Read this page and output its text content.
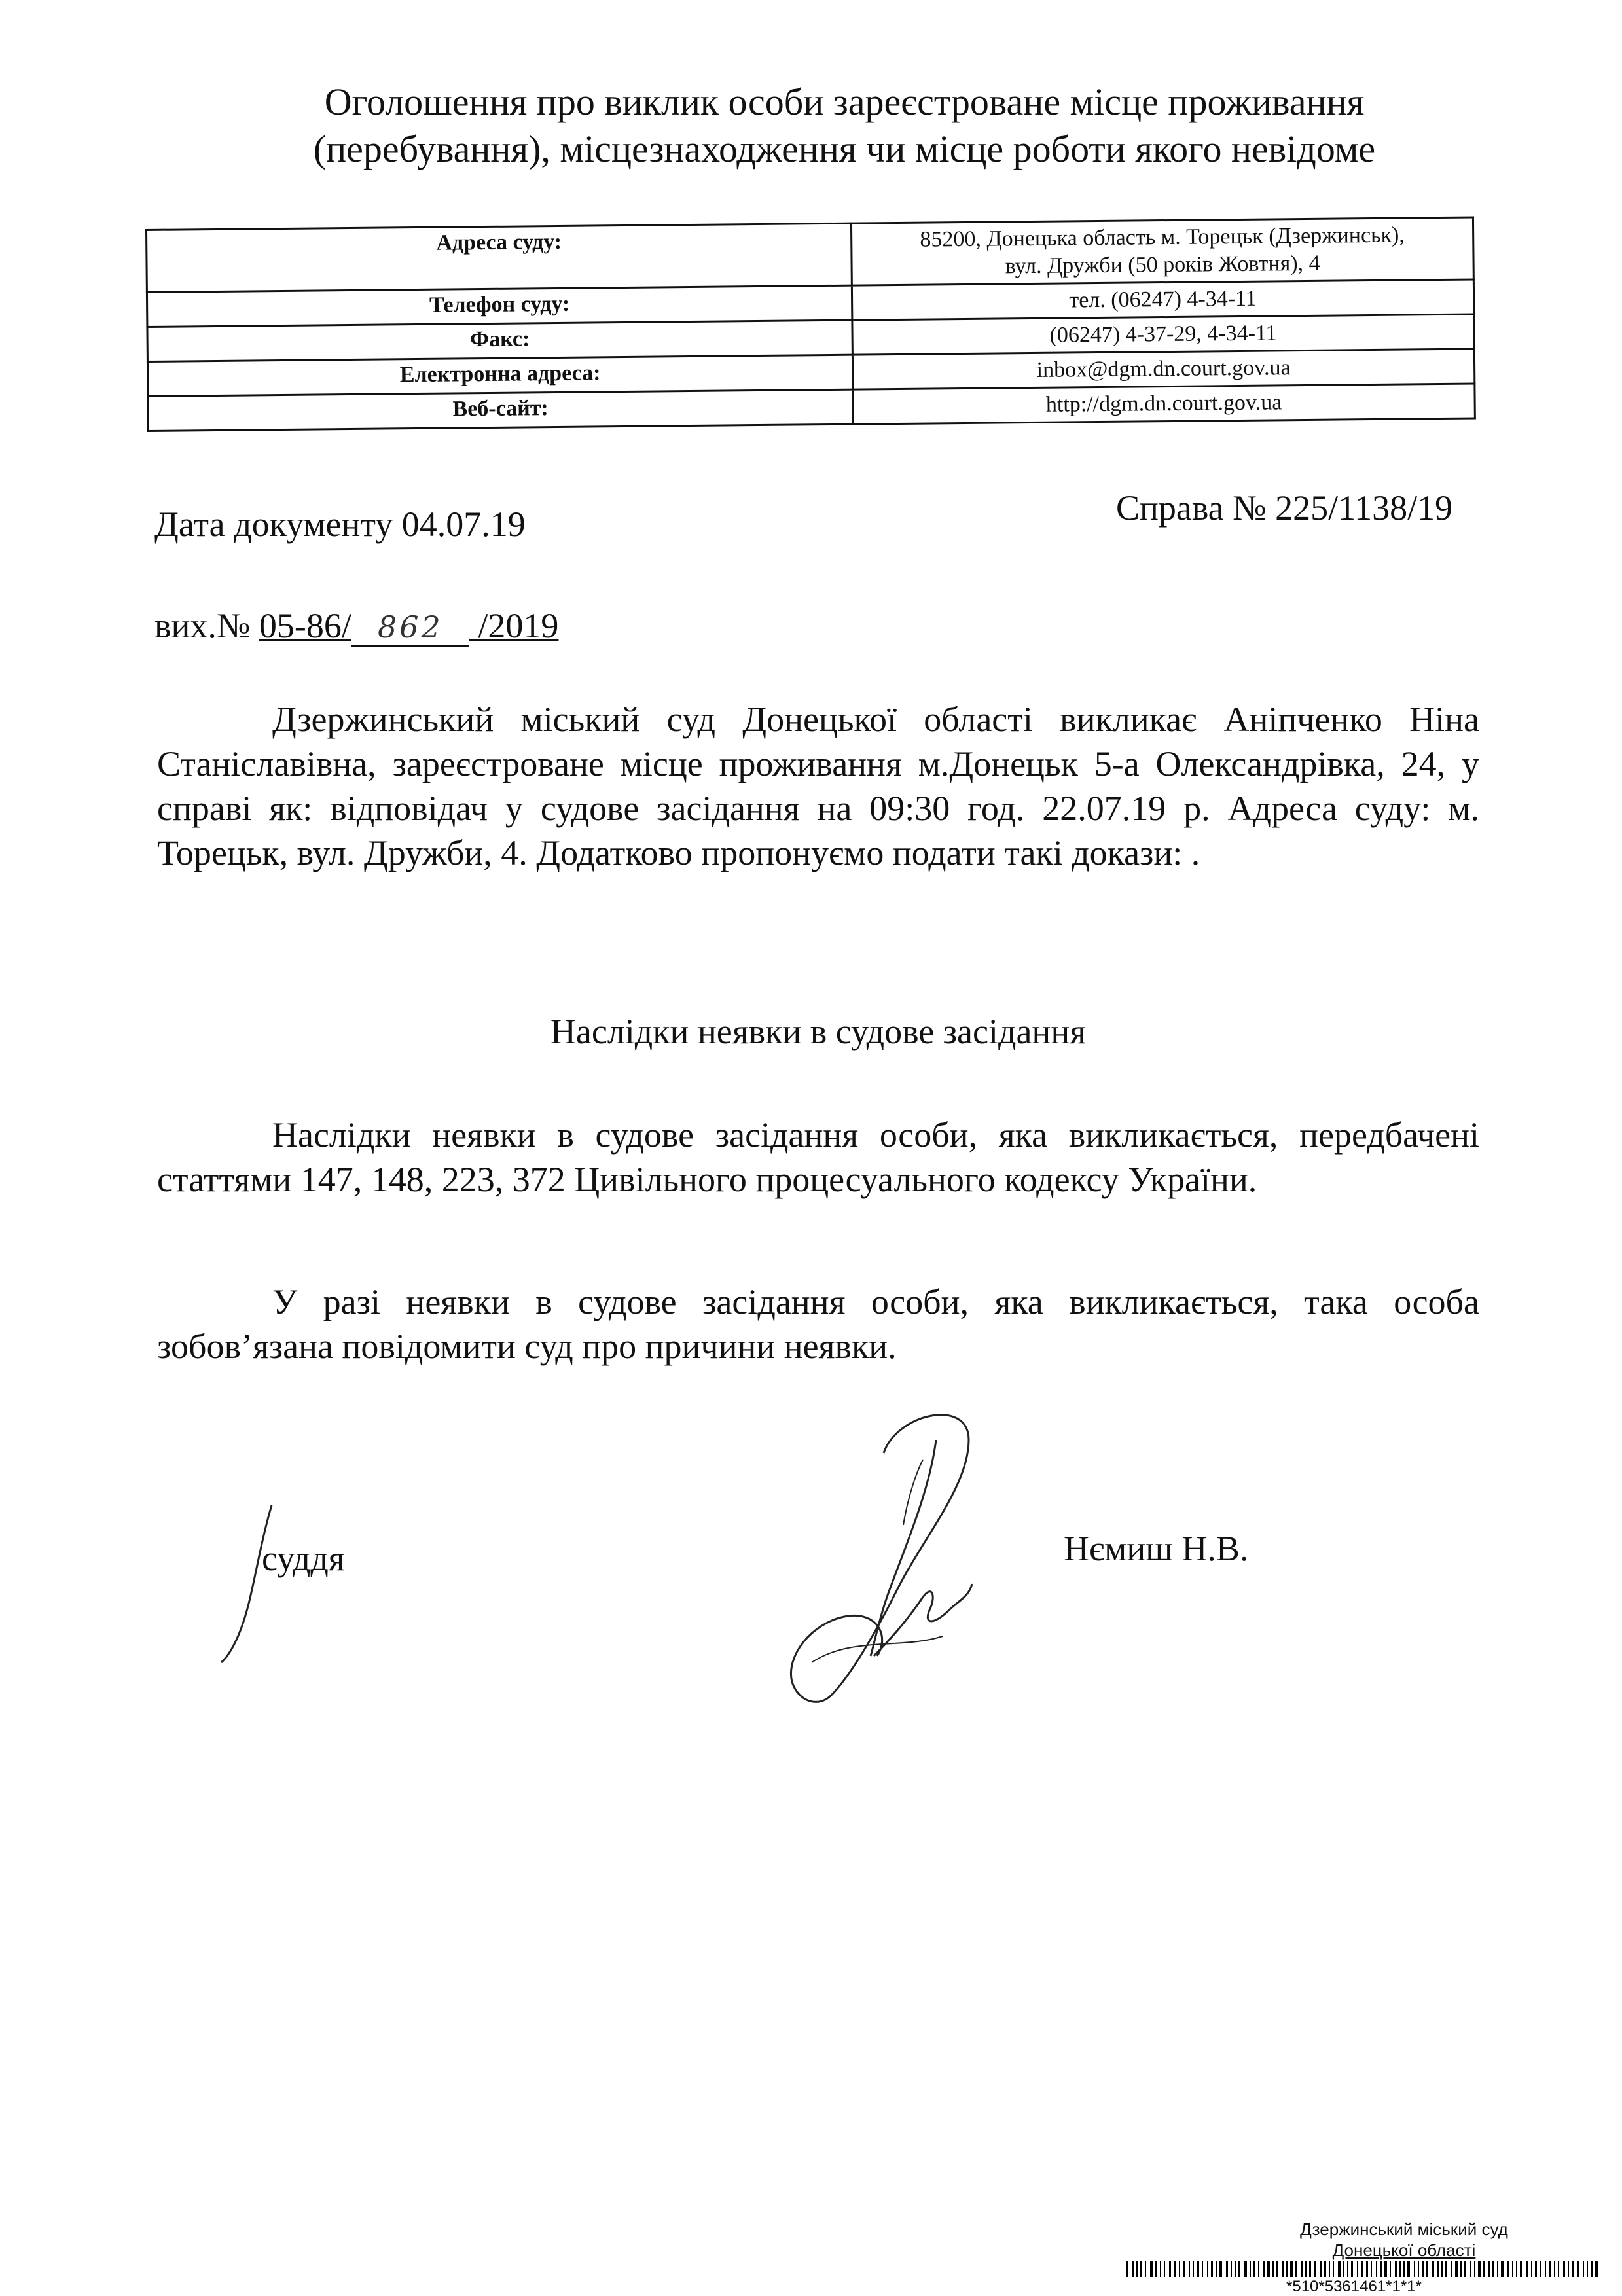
Оголошення про виклик особи зареєстроване місце проживання
(перебування), місцезнаходження чи місце роботи якого невідоме
Адреса суду:	85200, Донецька область м. Торецьк (Дзержинськ),
вул. Дружби (50 років Жовтня), 4

Телефон суду:	тел. (06247) 4-34-11
Факс:	(06247) 4-37-29, 4-34-11
Електронна адреса:	inbox@dgm.dn.court.gov.ua
Веб-сайт:	http://dgm.dn.court.gov.ua
Дата документу 04.07.19	Справа № 225/1138/19
вих.№ 05-86/ 862 /2019
Дзержинський міський суд Донецької області викликає Аніпченко Ніна Станіславівна, зареєстроване місце проживання м.Донецьк 5-а Олександрівка, 24, у справі як: відповідач у судове засідання на 09:30 год. 22.07.19 р. Адреса суду: м. Торецьк, вул. Дружби, 4. Додатково пропонуємо подати такі докази: .
Наслідки неявки в судове засідання
Наслідки неявки в судове засідання особи, яка викликається, передбачені статтями 147, 148, 223, 372 Цивільного процесуального кодексу України.
У разі неявки в судове засідання особи, яка викликається, така особа зобов’язана повідомити суд про причини неявки.
суддя	Нємиш Н.В.
Дзержинський міський суд
Донецької області
*510*5361461*1*1*
